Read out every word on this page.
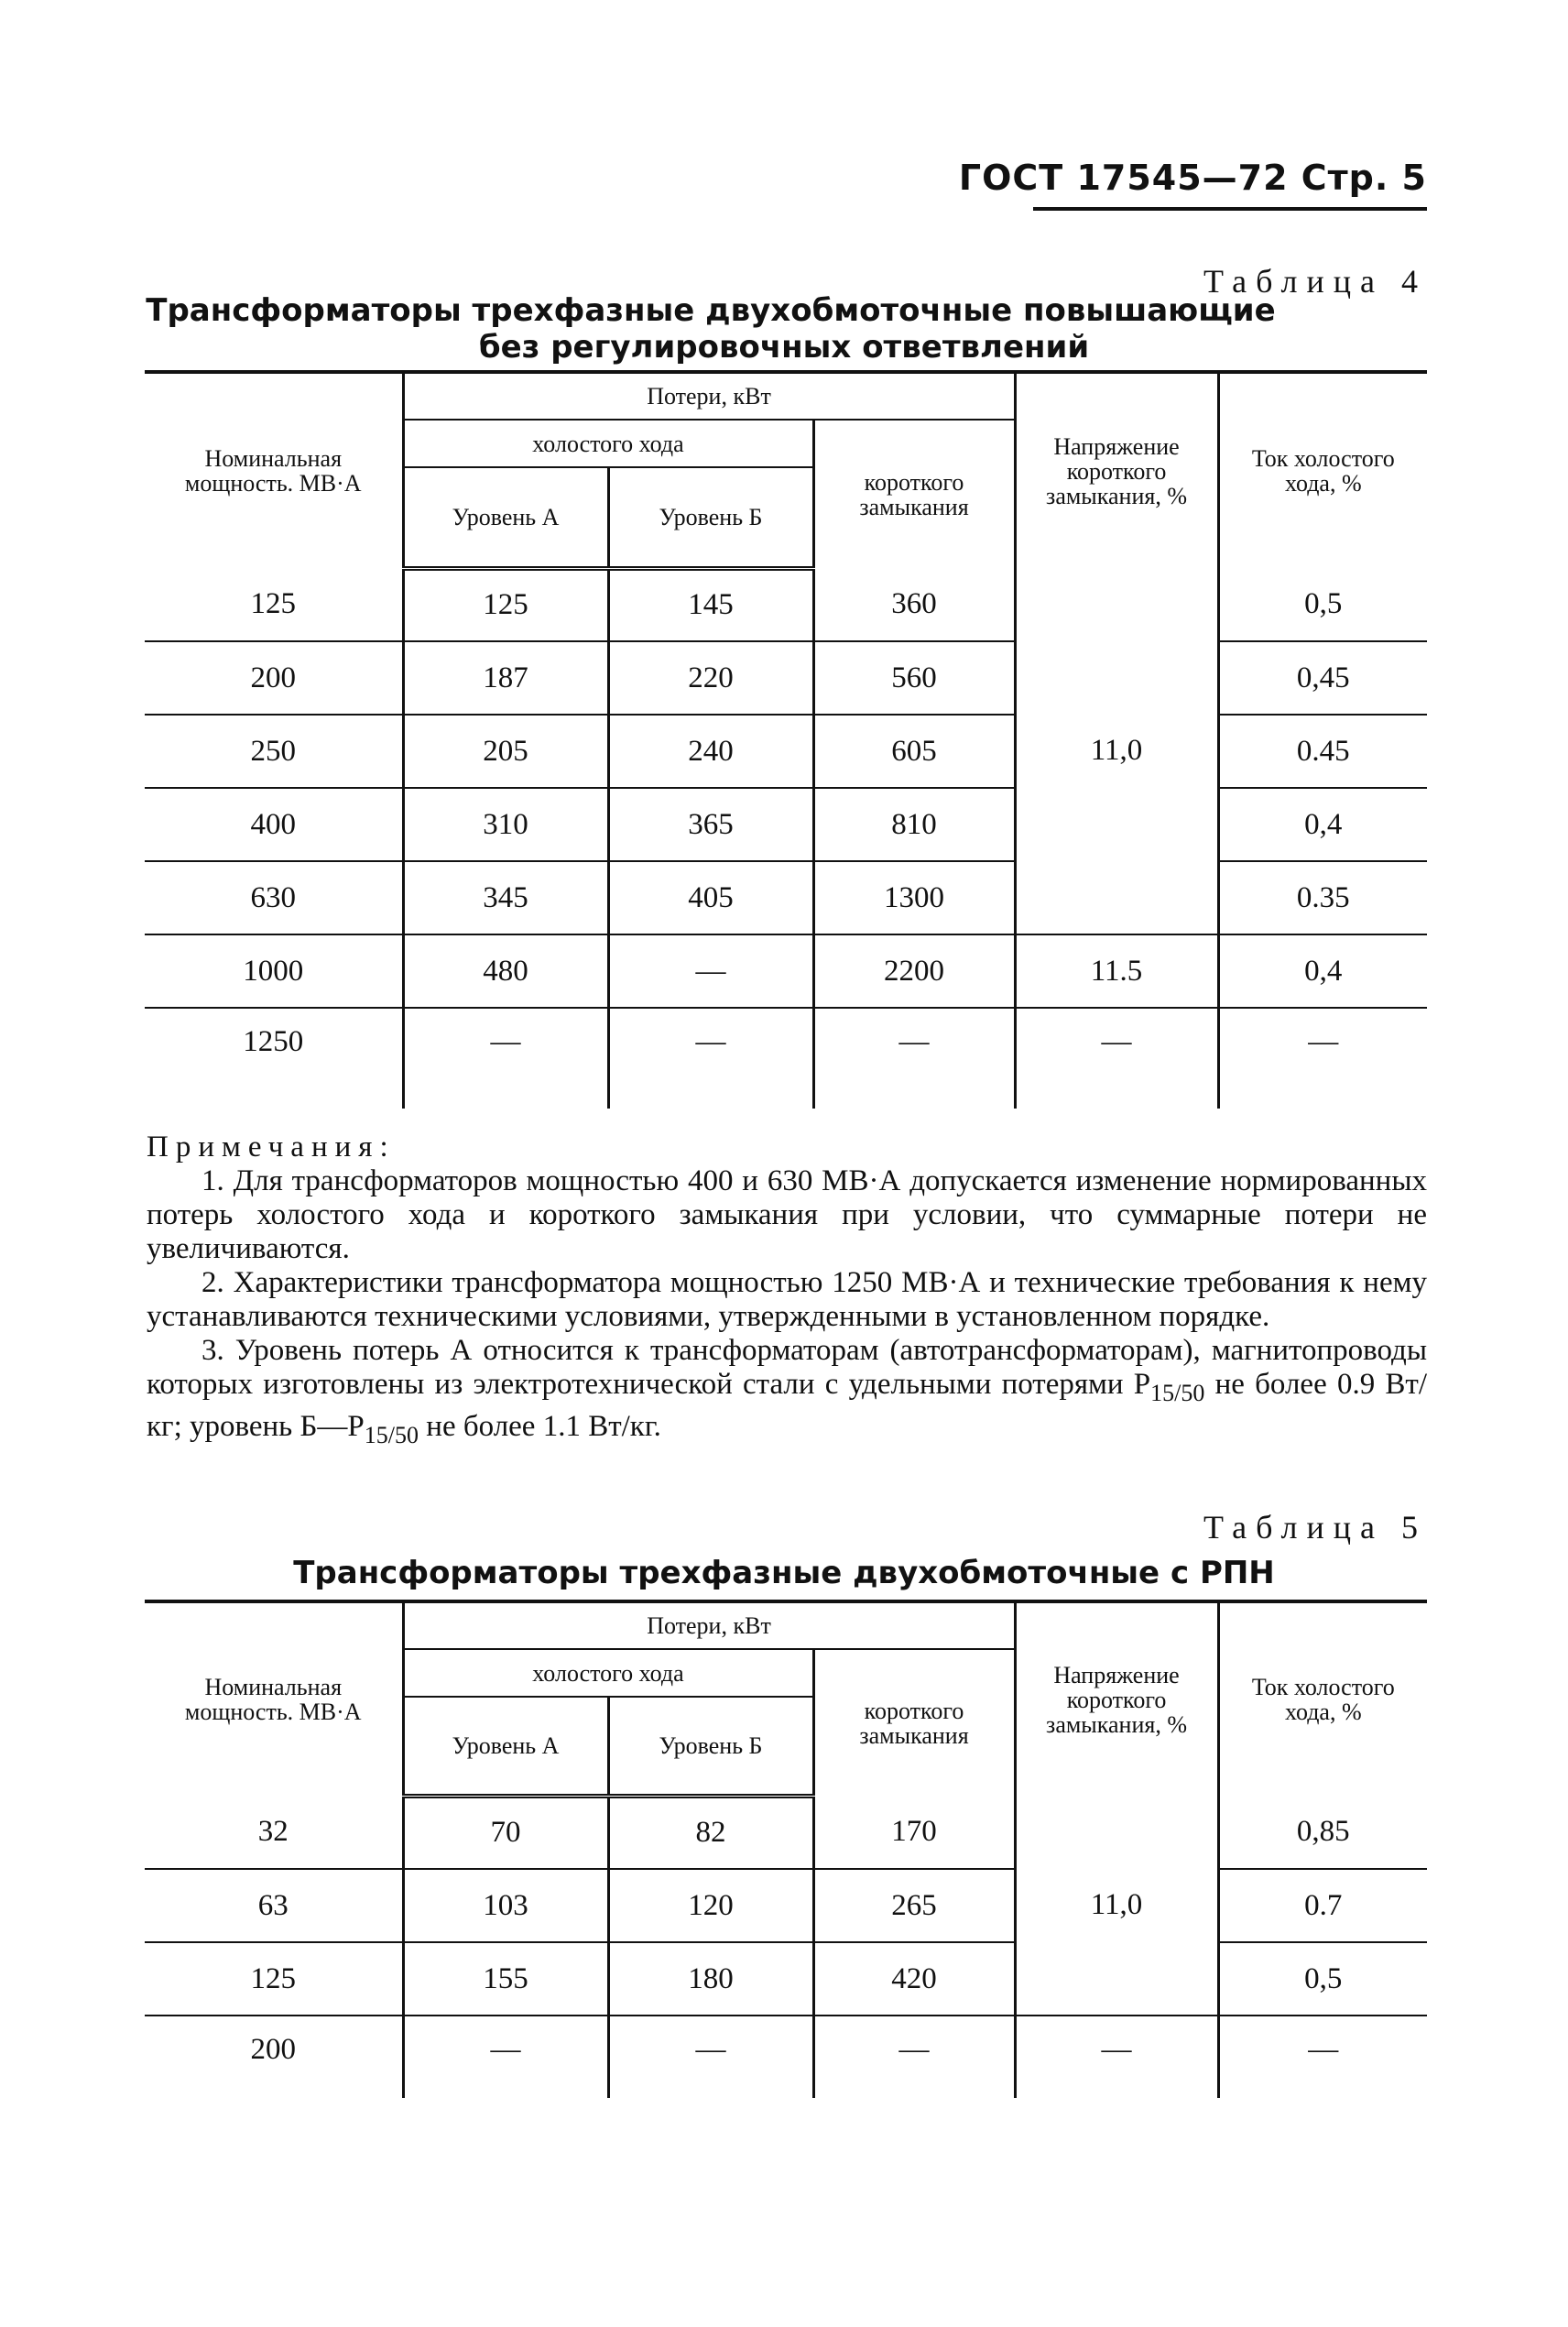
ГОСТ 17545—72 Стр. 5
Таблица 4
Трансформаторы трехфазные двухобмоточные повышающие
без регулировочных ответвлений
Номинальная мощность. МВ·А	Потери, кВт			Напряжение короткого замыкания, %	Ток холостого хода, %
	холостого хода		короткого замыкания		
	Уровень А	Уровень Б			
125	125	145	360	11,0	0,5
200	187	220	560		0,45
250	205	240	605		0.45
400	310	365	810		0,4
630	345	405	1300		0.35
1000	480	—	2200	11.5	0,4
1250	—	—	—	—	—
Примечания:

1. Для трансформаторов мощностью 400 и 630 МВ·А допускается изменение нормированных потерь холостого хода и короткого замыкания при условии, что суммарные потери не увеличиваются.

2. Характеристики трансформатора мощностью 1250 МВ·А и технические требования к нему устанавливаются техническими условиями, утвержденными в установленном порядке.

3. Уровень потерь А относится к трансформаторам (автотрансформаторам), магнитопроводы которых изготовлены из электротехнической стали с удельными потерями $Р_{15/50}$ не более 0.9 Вт/кг; уровень $Б—Р_{15/50}$ не более 1.1 Вт/кг.

Таблица 5
Трансформаторы трехфазные двухобмоточные с РПН
Номинальная мощность. МВ·А	Потери, кВт			Напряжение короткого замыкания, %	Ток холостого хода, %
	холостого хода		короткого замыкания		
	Уровень А	Уровень Б			
32	70	82	170	11,0	0,85
63	103	120	265		0.7
125	155	180	420		0,5
200	—	—	—	—	—
